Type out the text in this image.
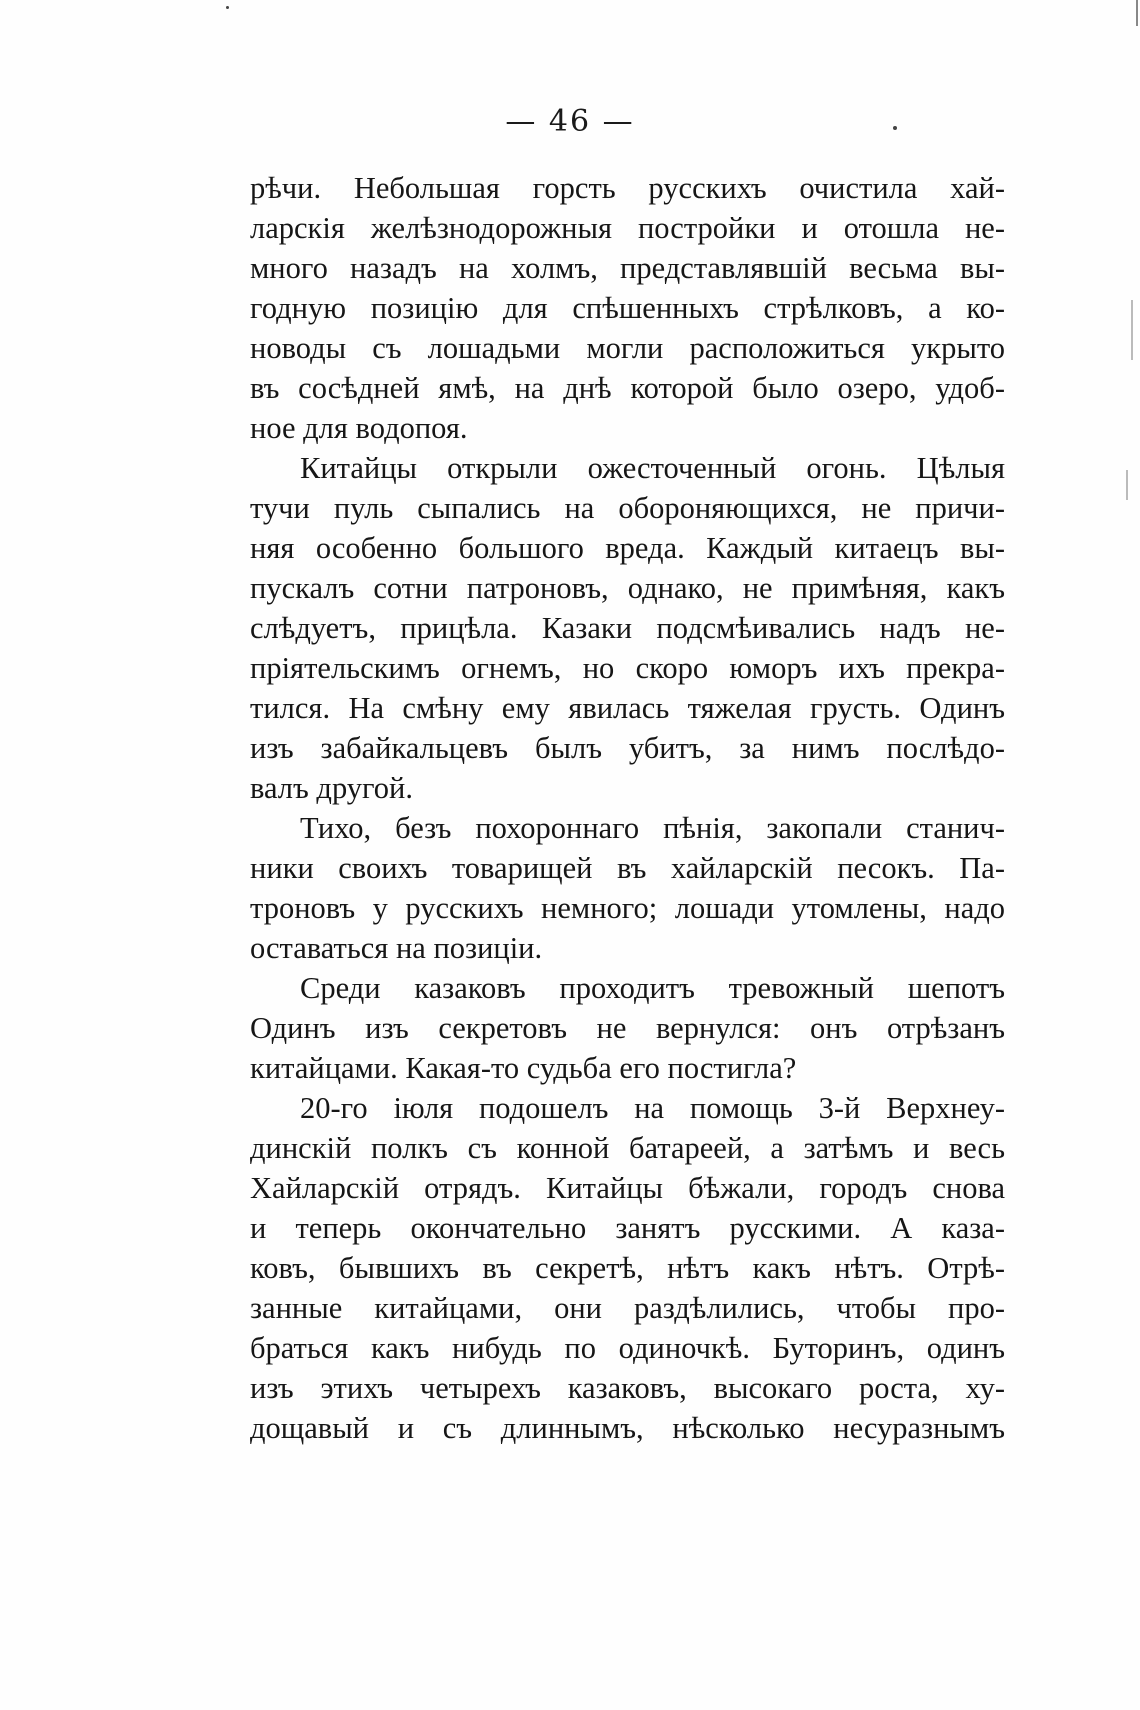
— 46 —
рѣчи. Небольшая горсть русскихъ очистила хай-
ларскія желѣзнодорожныя постройки и отошла не-
много назадъ на холмъ, представлявшій весьма вы-
годную позицію для спѣшенныхъ стрѣлковъ, а ко-
новоды съ лошадьми могли расположиться укрыто
въ сосѣдней ямѣ, на днѣ которой было озеро, удоб-
ное для водопоя.
Китайцы открыли ожесточенный огонь. Цѣлыя
тучи пуль сыпались на обороняющихся, не причи-
няя особенно большого вреда. Каждый китаецъ вы-
пускалъ сотни патроновъ, однако, не примѣняя, какъ
слѣдуетъ, прицѣла. Казаки подсмѣивались надъ не-
пріятельскимъ огнемъ, но скоро юморъ ихъ прекра-
тился. На смѣну ему явилась тяжелая грусть. Одинъ
изъ забайкальцевъ былъ убитъ, за нимъ послѣдо-
валъ другой.
Тихо, безъ похороннаго пѣнія, закопали станич-
ники своихъ товарищей въ хайларскій песокъ. Па-
троновъ у русскихъ немного; лошади утомлены, надо
оставаться на позиціи.
Среди казаковъ проходитъ тревожный шепотъ
Одинъ изъ секретовъ не вернулся: онъ отрѣзанъ
китайцами. Какая-то судьба его постигла?
20-го іюля подошелъ на помощь 3-й Верхнеу-
динскій полкъ съ конной батареей, а затѣмъ и весь
Хайларскій отрядъ. Китайцы бѣжали, городъ снова
и теперь окончательно занятъ русскими. А каза-
ковъ, бывшихъ въ секретѣ, нѣтъ какъ нѣтъ. Отрѣ-
занные китайцами, они раздѣлились, чтобы про-
браться какъ нибудь по одиночкѣ. Буторинъ, одинъ
изъ этихъ четырехъ казаковъ, высокаго роста, ху-
дощавый и съ длиннымъ, нѣсколько несуразнымъ
